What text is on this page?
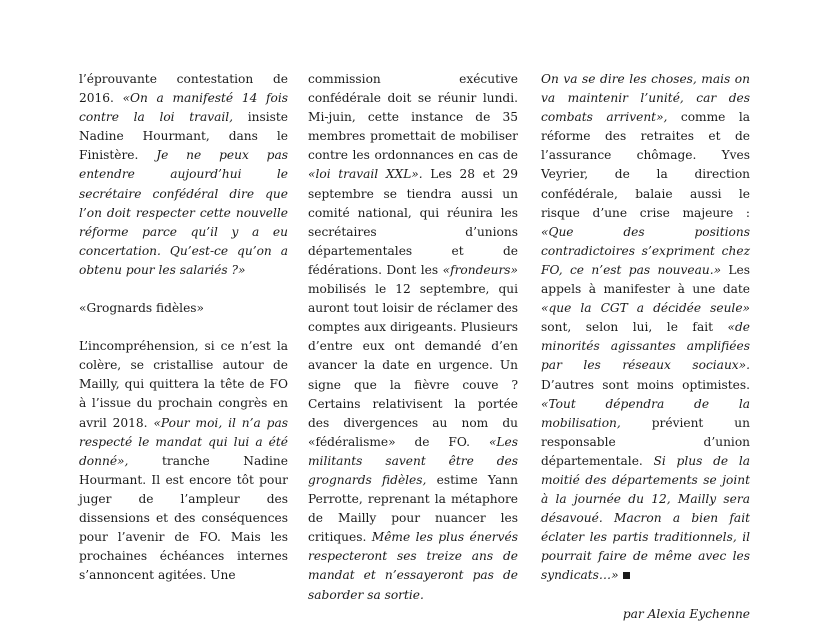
l’éprouvante contestation de 2016. «On a manifesté 14 fois contre la loi travail, insiste Nadine Hourmant, dans le Finistère. Je ne peux pas entendre aujourd’hui le secrétaire confédéral dire que l’on doit respecter cette nouvelle réforme parce qu’il y a eu concertation. Qu’est-ce qu’on a obtenu pour les salariés ?»

«Grognards fidèles»

L’incompréhension, si ce n’est la colère, se cristallise autour de Mailly, qui quittera la tête de FO à l’issue du prochain congrès en avril 2018. «Pour moi, il n’a pas respecté le mandat qui lui a été donné», tranche Nadine Hourmant. Il est encore tôt pour juger de l’ampleur des dissensions et des conséquences pour l’avenir de FO. Mais les prochaines échéances internes s’annoncent agitées. Une

commission exécutive confédérale doit se réunir lundi. Mi-juin, cette instance de 35 membres promettait de mobiliser contre les ordonnances en cas de «loi travail XXL». Les 28 et 29 septembre se tiendra aussi un comité national, qui réunira les secrétaires d’unions départementales et de fédérations. Dont les «frondeurs» mobilisés le 12 septembre, qui auront tout loisir de réclamer des comptes aux dirigeants. Plusieurs d’entre eux ont demandé d’en avancer la date en urgence. Un signe que la fièvre couve ? Certains relativisent la portée des divergences au nom du «fédéralisme» de FO. «Les militants savent être des grognards fidèles, estime Yann Perrotte, reprenant la métaphore de Mailly pour nuancer les critiques. Même les plus énervés respecteront ses treize ans de mandat et n’essayeront pas de saborder sa sortie.

On va se dire les choses, mais on va maintenir l’unité, car des combats arrivent», comme la réforme des retraites et de l’assurance chômage. Yves Veyrier, de la direction confédérale, balaie aussi le risque d’une crise majeure : «Que des positions contradictoires s’expriment chez FO, ce n’est pas nouveau.» Les appels à manifester à une date «que la CGT a décidée seule» sont, selon lui, le fait «de minorités agissantes amplifiées par les réseaux sociaux». D’autres sont moins optimistes. «Tout dépendra de la mobilisation, prévient un responsable d’union départementale. Si plus de la moitié des départements se joint à la journée du 12, Mailly sera désavoué. Macron a bien fait éclater les partis traditionnels, il pourrait faire de même avec les syndicats…»

par Alexia Eychenne
